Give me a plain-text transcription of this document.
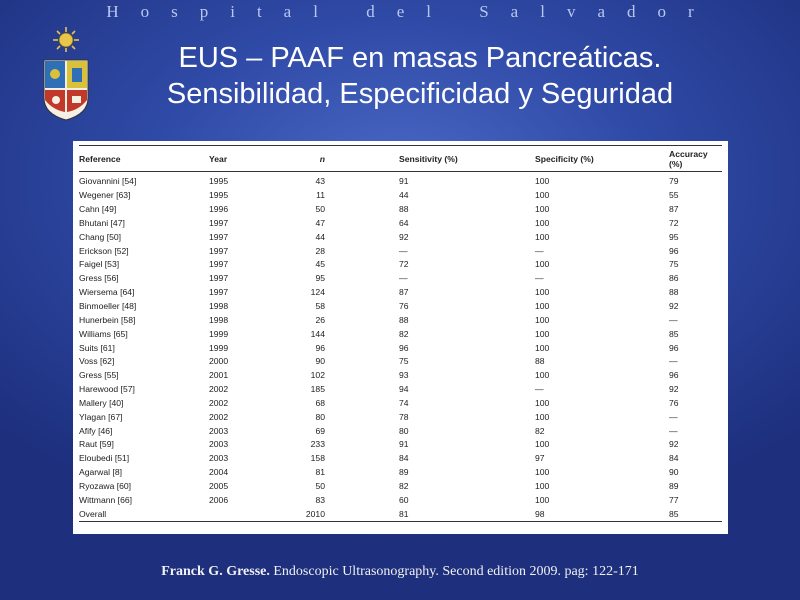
Hospital del Salvador
EUS – PAAF en masas Pancreáticas.
Sensibilidad, Especificidad y Seguridad
Reference	Year	n	Sensitivity (%)	Specificity (%)	Accuracy (%)
Giovannini [54]	1995	43	91	100	79
Wegener [63]	1995	11	44	100	55
Cahn [49]	1996	50	88	100	87
Bhutani [47]	1997	47	64	100	72
Chang [50]	1997	44	92	100	95
Erickson [52]	1997	28	—	—	96
Faigel [53]	1997	45	72	100	75
Gress [56]	1997	95	—	—	86
Wiersema [64]	1997	124	87	100	88
Binmoeller [48]	1998	58	76	100	92
Hunerbein [58]	1998	26	88	100	—
Williams [65]	1999	144	82	100	85
Suits [61]	1999	96	96	100	96
Voss [62]	2000	90	75	88	—
Gress [55]	2001	102	93	100	96
Harewood [57]	2002	185	94	—	92
Mallery [40]	2002	68	74	100	76
Ylagan [67]	2002	80	78	100	—
Afify [46]	2003	69	80	82	—
Raut [59]	2003	233	91	100	92
Eloubedi [51]	2003	158	84	97	84
Agarwal [8]	2004	81	89	100	90
Ryozawa [60]	2005	50	82	100	89
Wittmann [66]	2006	83	60	100	77
Overall		2010	81	98	85
Franck G. Gresse. Endoscopic Ultrasonography. Second edition 2009. pag: 122-171
